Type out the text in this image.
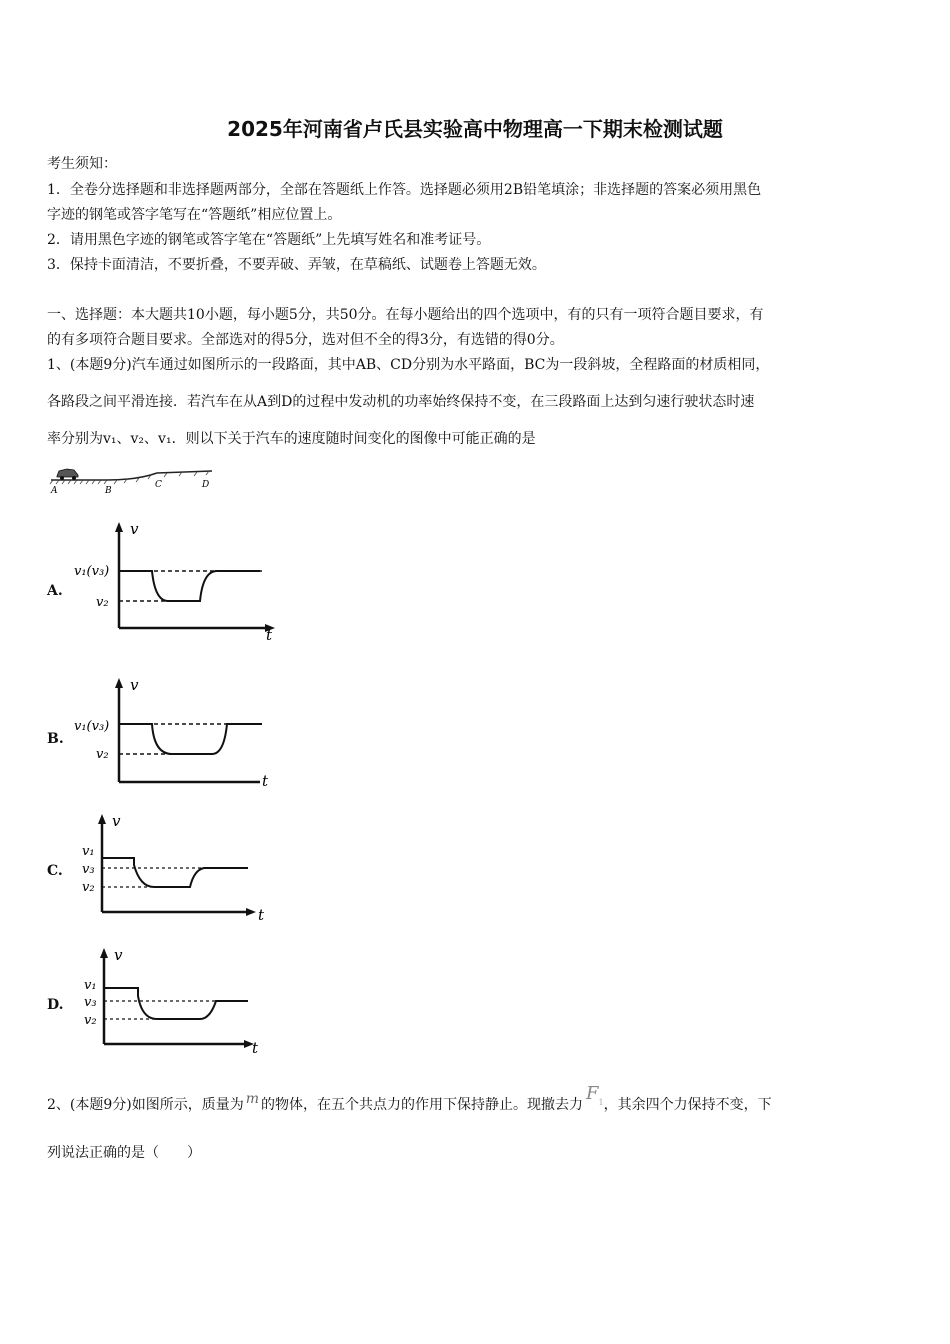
2025年河南省卢氏县实验高中物理高一下期末检测试题
考生须知：
1．全卷分选择题和非选择题两部分，全部在答题纸上作答。选择题必须用2B铅笔填涂；非选择题的答案必须用黑色
字迹的钢笔或答字笔写在“答题纸”相应位置上。
2．请用黑色字迹的钢笔或答字笔在“答题纸”上先填写姓名和准考证号。
3．保持卡面清洁，不要折叠，不要弄破、弄皱，在草稿纸、试题卷上答题无效。
一、选择题：本大题共10小题，每小题5分，共50分。在每小题给出的四个选项中，有的只有一项符合题目要求，有
的有多项符合题目要求。全部选对的得5分，选对但不全的得3分，有选错的得0分。
1、(本题9分)汽车通过如图所示的一段路面，其中AB、CD分别为水平路面，BC为一段斜坡，全程路面的材质相同，
各路段之间平滑连接．若汽车在从A到D的过程中发动机的功率始终保持不变，在三段路面上达到匀速行驶状态时速
率分别为v₁、v₂、v₁．则以下关于汽车的速度随时间变化的图像中可能正确的是
A	B
C	D
A.
v
t
v₁(v₃)
v₂
B.
v
t
v₁(v₃)
v₂
C.
v
t
v₁
v₃
v₂
D.
v
t
v₁
v₃
v₂
2、(本题9分)如图所示，质量为 m 的物体，在五个共点力的作用下保持静止。现撤去力$F_1$，其余四个力保持不变，下
列说法正确的是（　　）
